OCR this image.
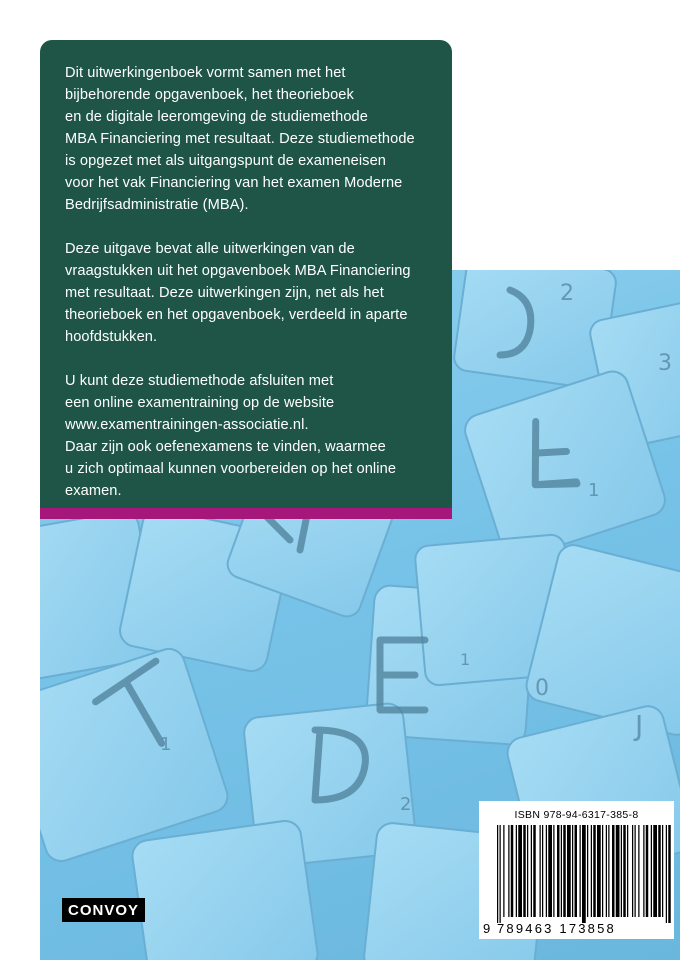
2
3
1
1
0
1
2
J

Dit uitwerkingenboek vormt samen met het
bijbehorende opgavenboek, het theorieboek
en de digitale leeromgeving de studiemethode
MBA Financiering met resultaat. Deze studiemethode
is opgezet met als uitgangspunt de exameneisen
voor het vak Financiering van het examen Moderne
Bedrijfsadministratie (MBA).

Deze uitgave bevat alle uitwerkingen van de
vraagstukken uit het opgavenboek MBA Financiering
met resultaat. Deze uitwerkingen zijn, net als het
theorieboek en het opgavenboek, verdeeld in aparte
hoofdstukken.

U kunt deze studiemethode afsluiten met
een online examentraining op de website
www.examentrainingen-associatie.nl.
Daar zijn ook oefenexamens te vinden, waarmee
u zich optimaal kunnen voorbereiden op het online
examen.

CONVOY
ISBN 978-94-6317-385-8
9 789463 173858
